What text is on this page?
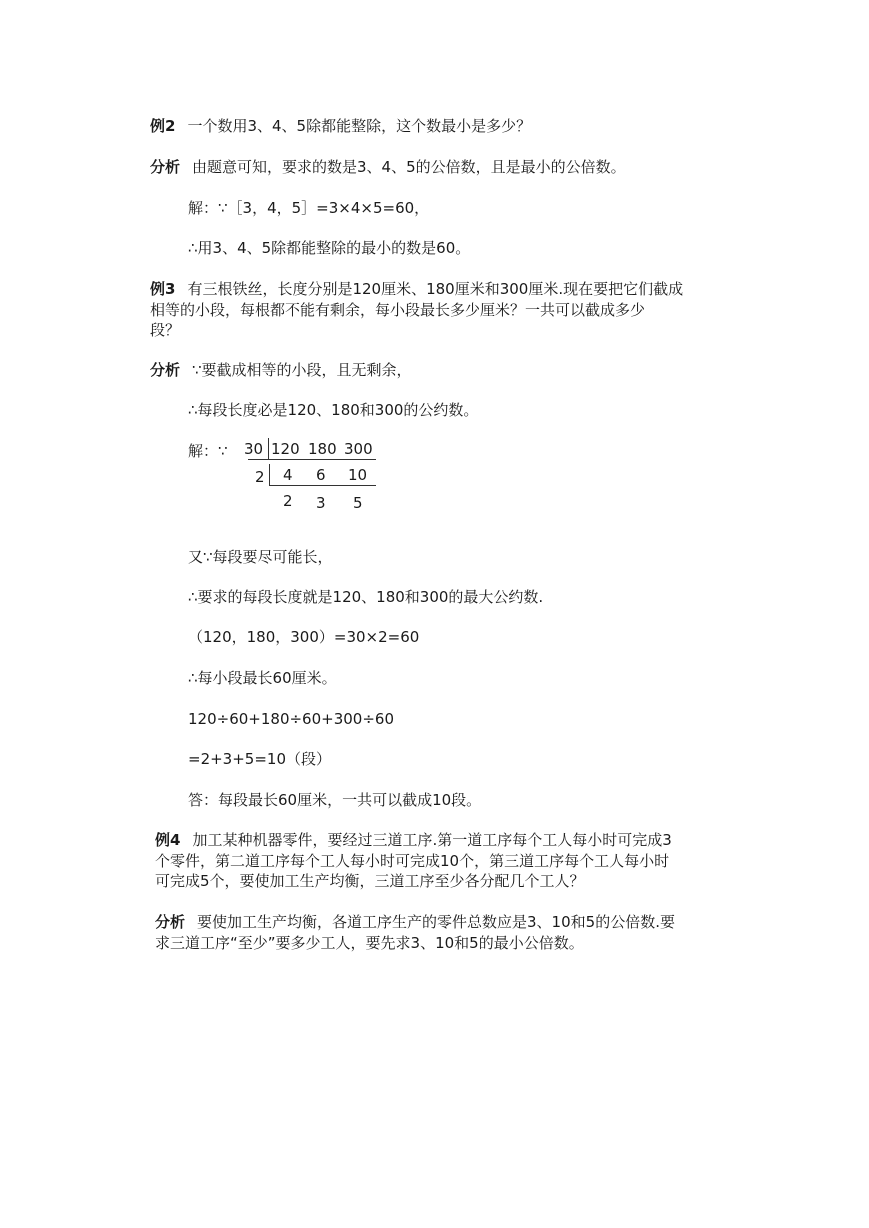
例2 一个数用3、4、5除都能整除，这个数最小是多少？
分析 由题意可知，要求的数是3、4、5的公倍数，且是最小的公倍数。
解：∵［3，4，5］=3×4×5=60，
∴用3、4、5除都能整除的最小的数是60。
例3 有三根铁丝，长度分别是120厘米、180厘米和300厘米.现在要把它们截成
相等的小段，每根都不能有剩余，每小段最长多少厘米？一共可以截成多少
段？
分析 ∵要截成相等的小段，且无剩余，
∴每段长度必是120、180和300的公约数。
解：∵ 30 120 180 300
2 4 6 10
2 3 5
又∵每段要尽可能长，
∴要求的每段长度就是120、180和300的最大公约数.
（120，180，300）=30×2=60
∴每小段最长60厘米。
120÷60+180÷60+300÷60
=2+3+5=10（段）
答：每段最长60厘米，一共可以截成10段。
例4 加工某种机器零件，要经过三道工序.第一道工序每个工人每小时可完成3
个零件，第二道工序每个工人每小时可完成10个，第三道工序每个工人每小时
可完成5个，要使加工生产均衡，三道工序至少各分配几个工人？
分析 要使加工生产均衡，各道工序生产的零件总数应是3、10和5的公倍数.要
求三道工序“至少”要多少工人，要先求3、10和5的最小公倍数。
